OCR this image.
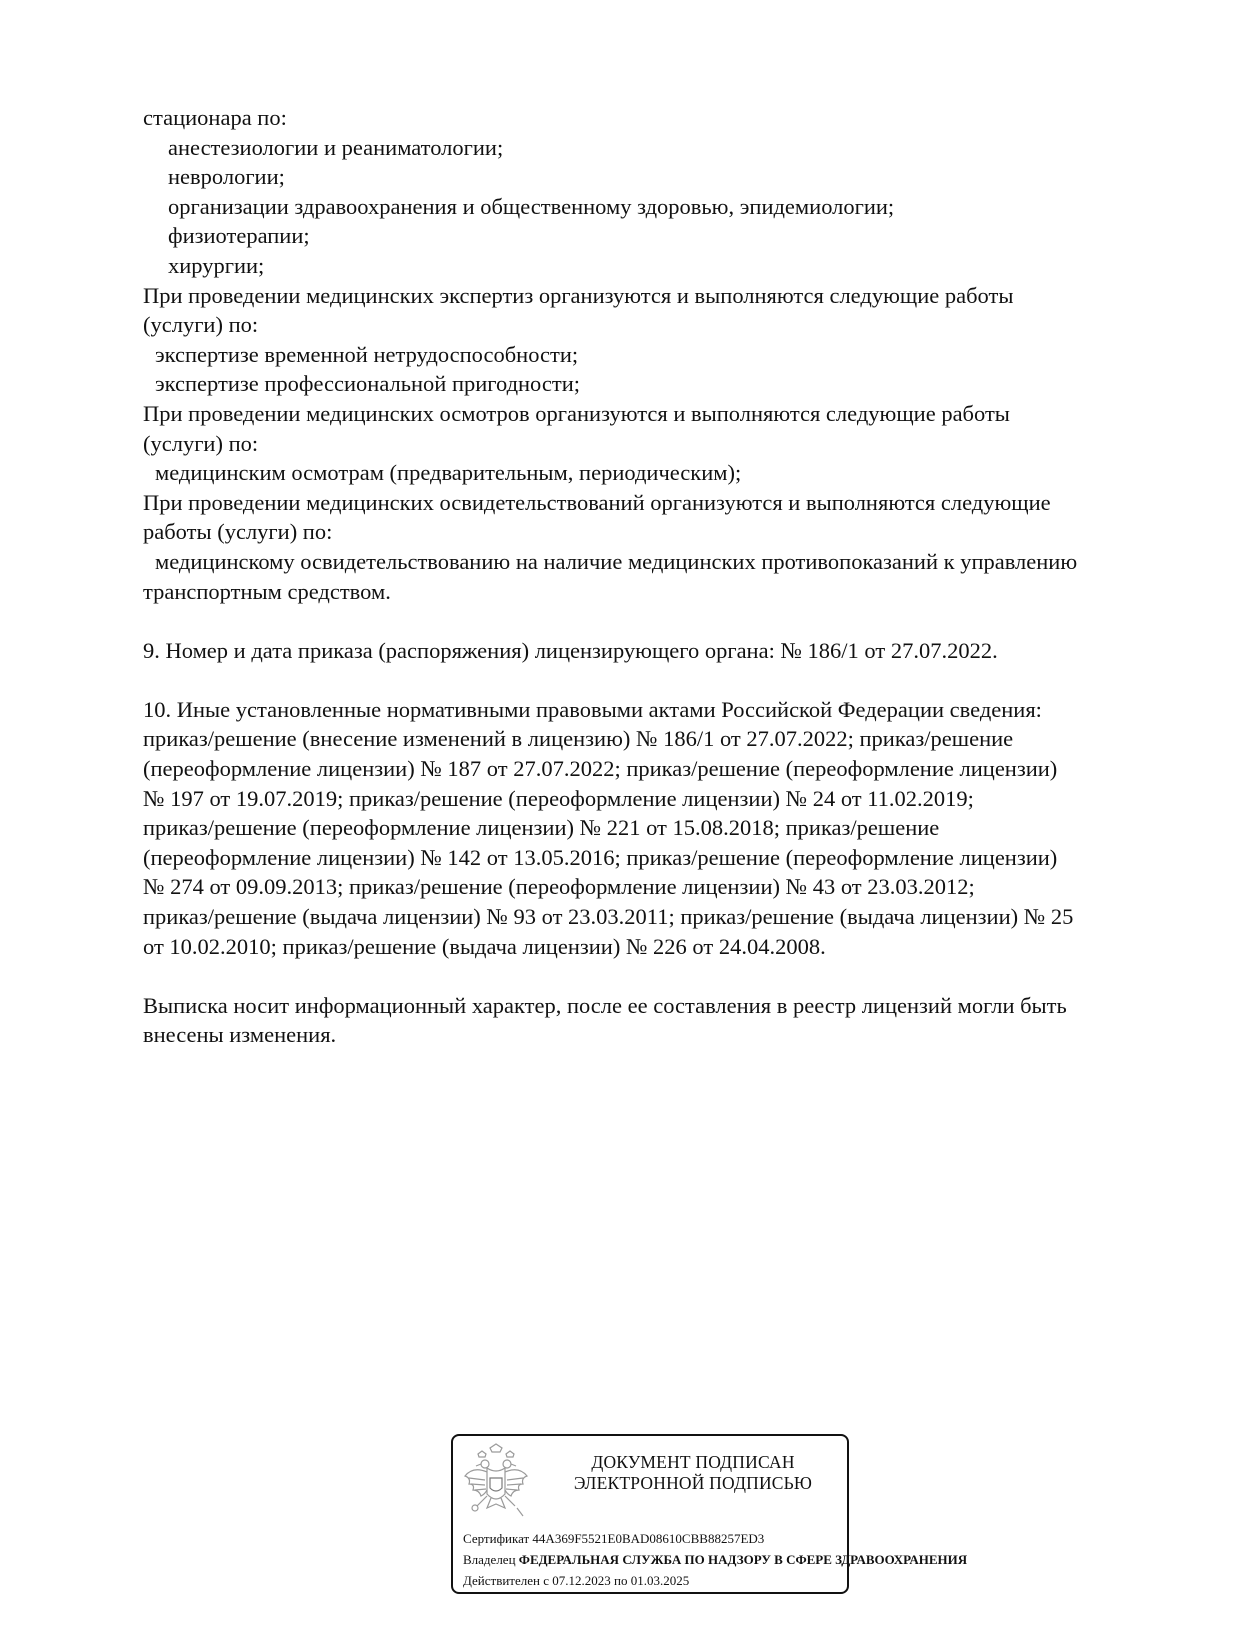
стационара по:
анестезиологии и реаниматологии;
неврологии;
организации здравоохранения и общественному здоровью, эпидемиологии;
физиотерапии;
хирургии;
При проведении медицинских экспертиз организуются и выполняются следующие работы
(услуги) по:
экспертизе временной нетрудоспособности;
экспертизе профессиональной пригодности;
При проведении медицинских осмотров организуются и выполняются следующие работы
(услуги) по:
медицинским осмотрам (предварительным, периодическим);
При проведении медицинских освидетельствований организуются и выполняются следующие
работы (услуги) по:
медицинскому освидетельствованию на наличие медицинских противопоказаний к управлению
транспортным средством.
9. Номер и дата приказа (распоряжения) лицензирующего органа: № 186/1 от 27.07.2022.
10. Иные установленные нормативными правовыми актами Российской Федерации сведения:
приказ/решение (внесение изменений в лицензию) № 186/1 от 27.07.2022; приказ/решение
(переоформление лицензии) № 187 от 27.07.2022; приказ/решение (переоформление лицензии)
№ 197 от 19.07.2019; приказ/решение (переоформление лицензии) № 24 от 11.02.2019;
приказ/решение (переоформление лицензии) № 221 от 15.08.2018; приказ/решение
(переоформление лицензии) № 142 от 13.05.2016; приказ/решение (переоформление лицензии)
№ 274 от 09.09.2013; приказ/решение (переоформление лицензии) № 43 от 23.03.2012;
приказ/решение (выдача лицензии) № 93 от 23.03.2011; приказ/решение (выдача лицензии) № 25
от 10.02.2010; приказ/решение (выдача лицензии) № 226 от 24.04.2008.
Выписка носит информационный характер, после ее составления в реестр лицензий могли быть
внесены изменения.
ДОКУМЕНТ ПОДПИСАН
ЭЛЕКТРОННОЙ ПОДПИСЬЮ
Сертификат 44A369F5521E0BAD08610CBB88257ED3
Владелец ФЕДЕРАЛЬНАЯ СЛУЖБА ПО НАДЗОРУ В СФЕРЕ ЗДРАВООХРАНЕНИЯ
Действителен с 07.12.2023 по 01.03.2025
